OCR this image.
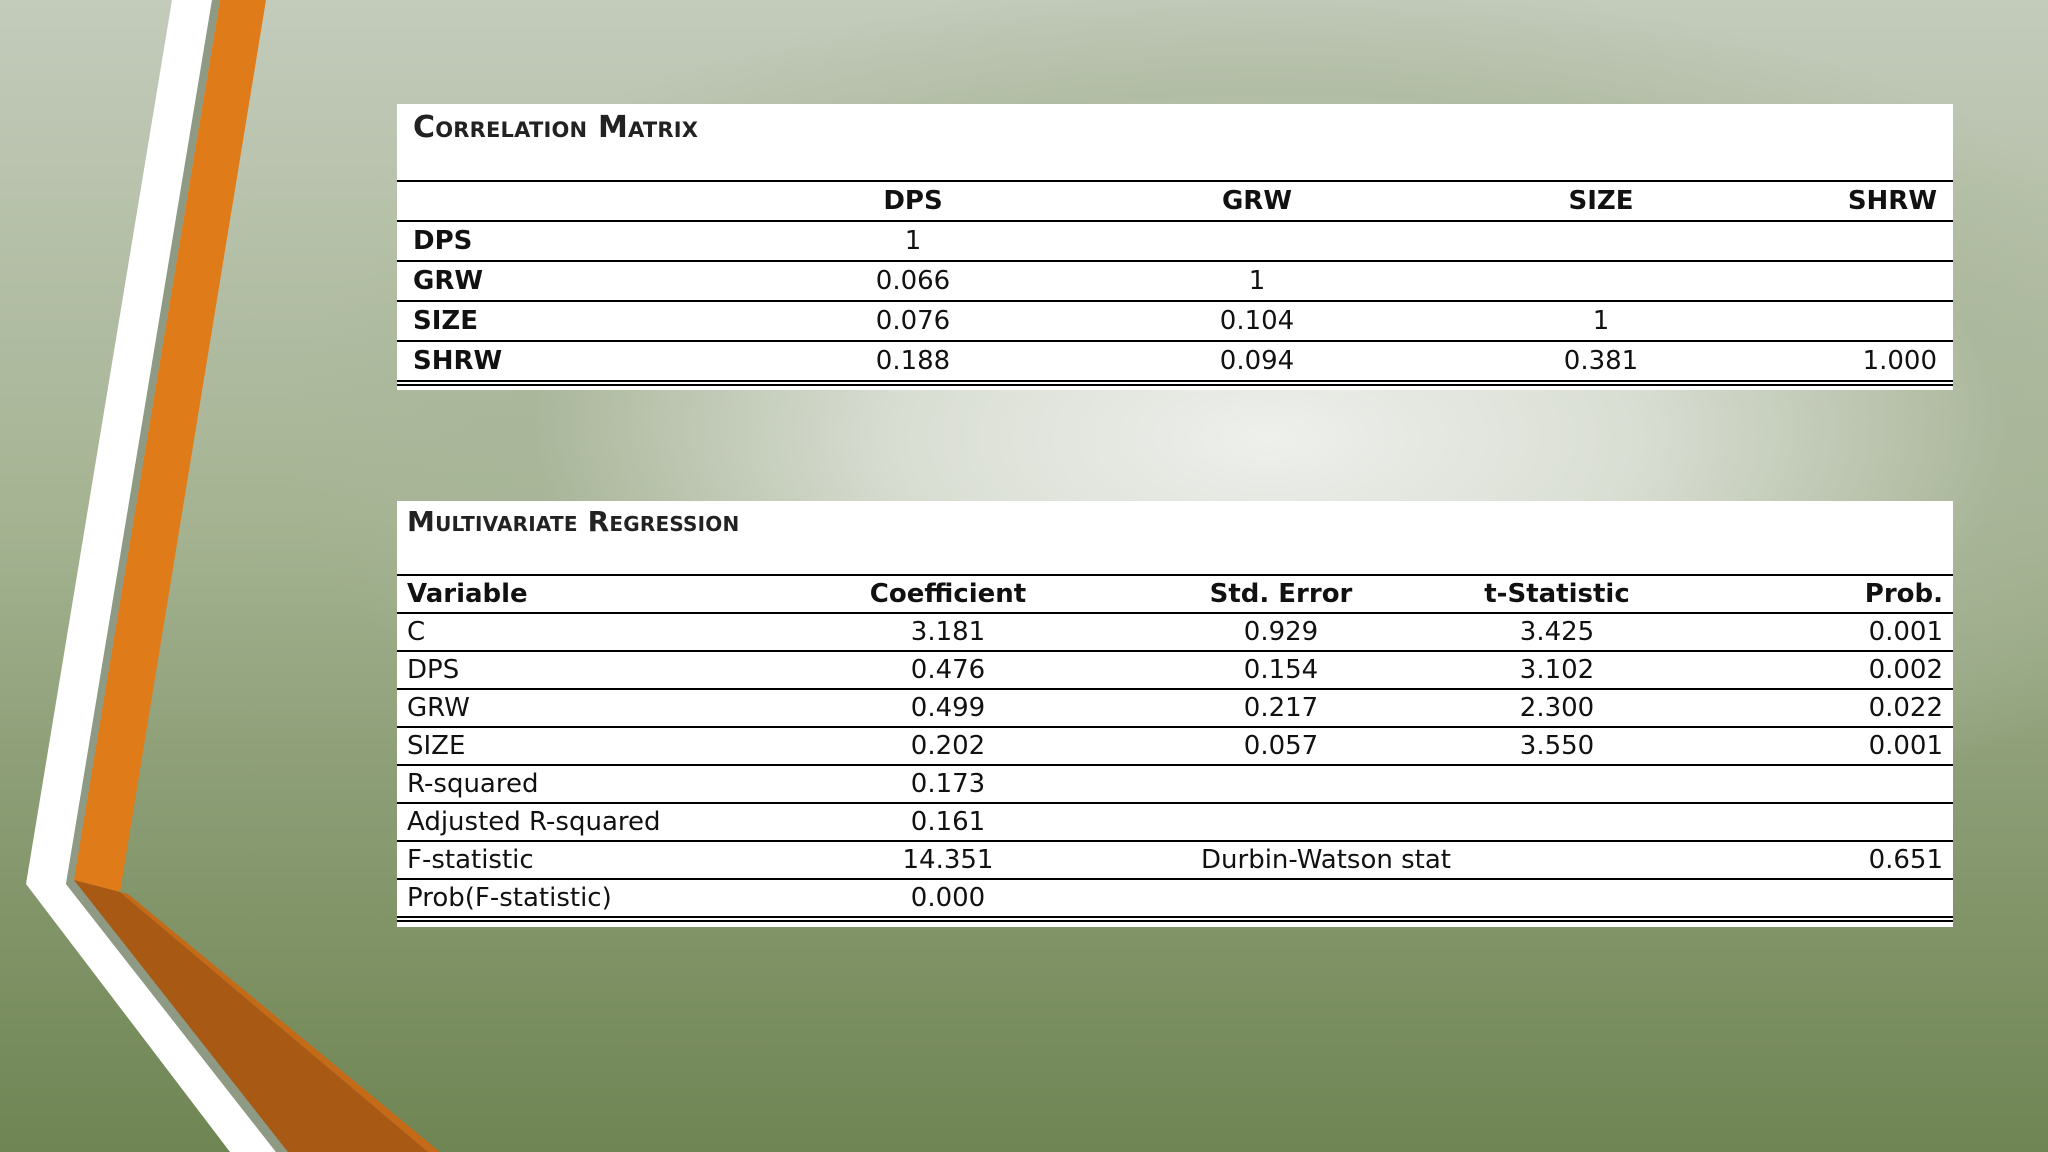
Correlation Matrix
	DPS	GRW	SIZE	SHRW
DPS	1			
GRW	0.066	1		
SIZE	0.076	0.104	1	
SHRW	0.188	0.094	0.381	1.000
Multivariate Regression
Variable	Coefficient	Std. Error	t-Statistic	Prob.
C	3.181	0.929	3.425	0.001
DPS	0.476	0.154	3.102	0.002
GRW	0.499	0.217	2.300	0.022
SIZE	0.202	0.057	3.550	0.001
R-squared	0.173			
Adjusted R-squared	0.161			
F-statistic	14.351	Durbin-Watson stat		0.651
Prob(F-statistic)	0.000			
